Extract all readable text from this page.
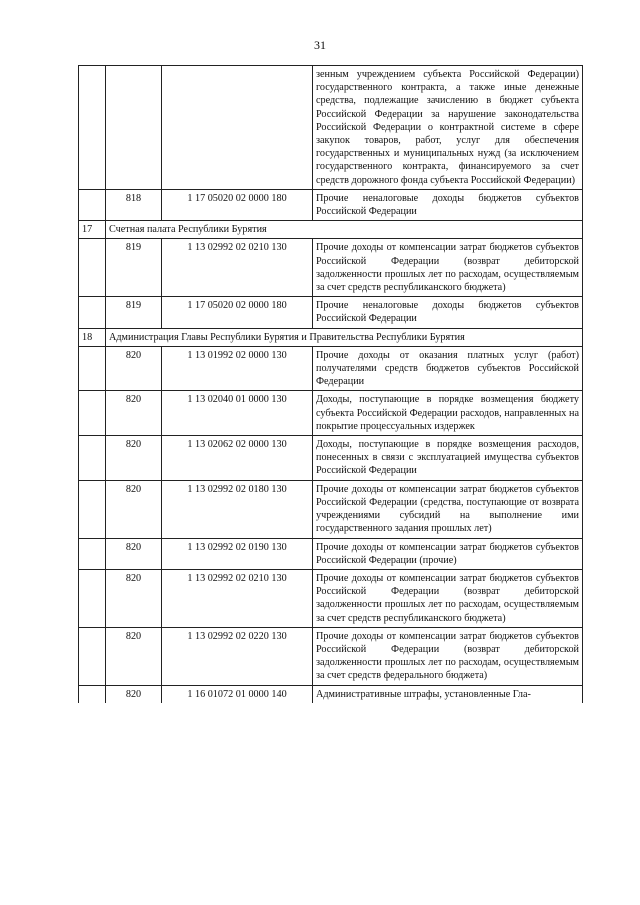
31
			зенным учреждением субъекта Российской Федерации) государственного контракта, а также иные денежные средства, подлежащие зачислению в бюджет субъекта Российской Федерации за нарушение законодательства Российской Федерации о контрактной системе в сфере закупок товаров, работ, услуг для обеспечения государственных и муниципальных нужд (за исключением государственного контракта, финансируемого за счет средств дорожного фонда субъекта Российской Федерации)
	818	1 17 05020 02 0000 180	Прочие неналоговые доходы бюджетов субъектов Российской Федерации
17	Счетная палата Республики Бурятия		
	819	1 13 02992 02 0210 130	Прочие доходы от компенсации затрат бюджетов субъектов Российской Федерации (возврат дебиторской задолженности прошлых лет по расходам, осуществляемым за счет средств республиканского бюджета)
	819	1 17 05020 02 0000 180	Прочие неналоговые доходы бюджетов субъектов Российской Федерации
18	Администрация Главы Республики Бурятия и Правительства Республики Бурятия		
	820	1 13 01992 02 0000 130	Прочие доходы от оказания платных услуг (работ) получателями средств бюджетов субъектов Российской Федерации
	820	1 13 02040 01 0000 130	Доходы, поступающие в порядке возмещения бюджету субъекта Российской Федерации расходов, направленных на покрытие процессуальных издержек
	820	1 13 02062 02 0000 130	Доходы, поступающие в порядке возмещения расходов, понесенных в связи с эксплуатацией имущества субъектов Российской Федерации
	820	1 13 02992 02 0180 130	Прочие доходы от компенсации затрат бюджетов субъектов Российской Федерации (средства, поступающие от возврата учреждениями субсидий на выполнение ими государственного задания прошлых лет)
	820	1 13 02992 02 0190 130	Прочие доходы от компенсации затрат бюджетов субъектов Российской Федерации (прочие)
	820	1 13 02992 02 0210 130	Прочие доходы от компенсации затрат бюджетов субъектов Российской Федерации (возврат дебиторской задолженности прошлых лет по расходам, осуществляемым за счет средств республиканского бюджета)
	820	1 13 02992 02 0220 130	Прочие доходы от компенсации затрат бюджетов субъектов Российской Федерации (возврат дебиторской задолженности прошлых лет по расходам, осуществляемым за счет средств федерального бюджета)
	820	1 16 01072 01 0000 140	Административные штрафы, установленные Гла-
